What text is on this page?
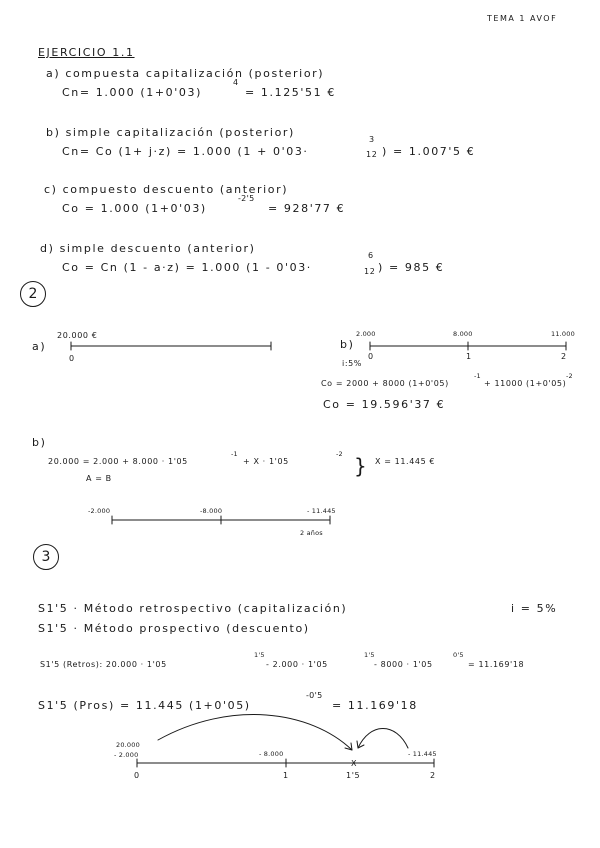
TEMA 1 AVOF
EJERCICIO 1.1
a) compuesta capitalización (posterior)
Cn= 1.000 (1+0'03)
4
= 1.125'51 €
b) simple capitalización (posterior)
Cn= Co (1+ j·z) = 1.000 (1 + 0'03·
3
12 ) = 1.007'5 €
c) compuesto descuento (anterior)
Co = 1.000 (1+0'03)
-2'5
= 928'77 €
d) simple descuento (anterior)
Co = Cn (1 - a·z) = 1.000 (1 - 0'03·
6
12 ) = 985 €
2
a)
20.000 €
0
b)
2.000	8.000	11.000
0	1	2
i:5%
Co = 2000 + 8000 (1+0'05)
-1
+ 11000 (1+0'05)
-2
Co = 19.596'37 €
b)
20.000 = 2.000 + 8.000 · 1'05
-1
+ X · 1'05
-2 } X = 11.445 €
A = B
-2.000	-8.000	- 11.445
2 años
3
S1'5 · Método retrospectivo (capitalización)	i = 5%
S1'5 · Método prospectivo (descuento)
S1'5 (Retros): 20.000 · 1'05
1'5
- 2.000 · 1'05
1'5
- 8000 · 1'05
0'5
= 11.169'18
S1'5 (Pros) = 11.445 (1+0'05)
-0'5
= 11.169'18
20.000
- 2.000	- 8.000	- 11.445
X
0	1	1'5	2
